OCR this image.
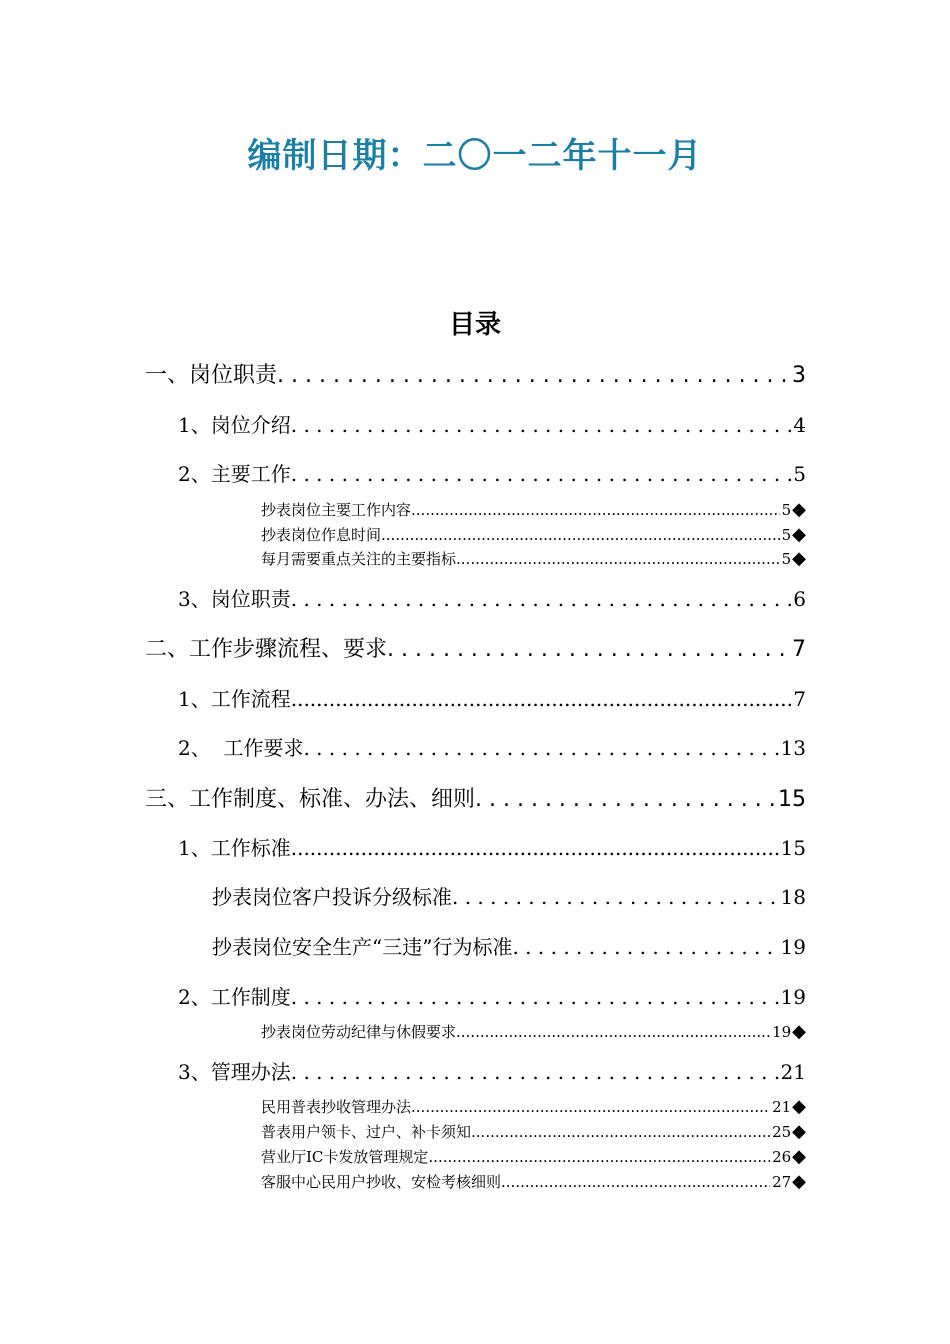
编制日期：二〇一二年十一月
目录
一、岗位职责 . . .	3
1、岗位介绍 . . .	4
2、主要工作 . . .	5
抄表岗位主要工作内容 .....	5 ◆
抄表岗位作息时间 .....	5 ◆
每月需要重点关注的主要指标 .....	5 ◆
3、岗位职责 . . .	6
二、工作步骤流程、要求 . . .	7
1、工作流程 .....	7
2、  工作要求 . . .	13
三、工作制度、标准、办法、细则 . . .	15
1、工作标准 .....	15
抄表岗位客户投诉分级标准 . . .	18
抄表岗位安全生产“三违”行为标准 . . .	19
2、工作制度 . . .	19
抄表岗位劳动纪律与休假要求 .....	19 ◆
3、管理办法 . . .	21
民用普表抄收管理办法 .....	21 ◆
普表用户领卡、过户、补卡须知 .....	25 ◆
营业厅IC卡发放管理规定 .....	26 ◆
客服中心民用户抄收、安检考核细则 .....	27 ◆
